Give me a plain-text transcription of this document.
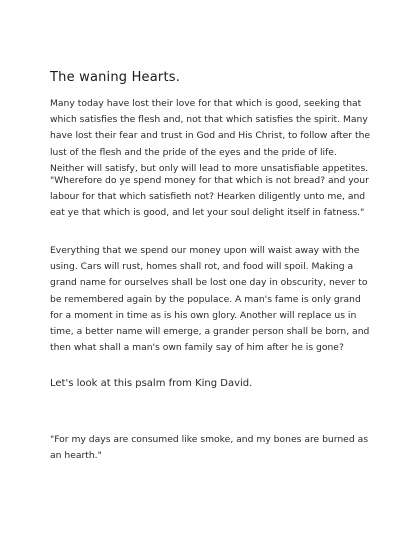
The waning Hearts.

Many today have lost their love for that which is good, seeking that which satisfies the flesh and, not that which satisfies the spirit. Many have lost their fear and trust in God and His Christ, to follow after the lust of the flesh and the pride of the eyes and the pride of life. Neither will satisfy, but only will lead to more unsatisfiable appetites.

"Wherefore do ye spend money for that which is not bread? and your labour for that which satisfieth not? Hearken diligently unto me, and eat ye that which is good, and let your soul delight itself in fatness."

Everything that we spend our money upon will waist away with the using. Cars will rust, homes shall rot, and food will spoil. Making a grand name for ourselves shall be lost one day in obscurity, never to be remembered again by the populace. A man's fame is only grand for a moment in time as is his own glory. Another will replace us in time, a better name will emerge, a grander person shall be born, and then what shall a man's own family say of him after he is gone?

Let's look at this psalm from King David.

"For my days are consumed like smoke, and my bones are burned as an hearth."
